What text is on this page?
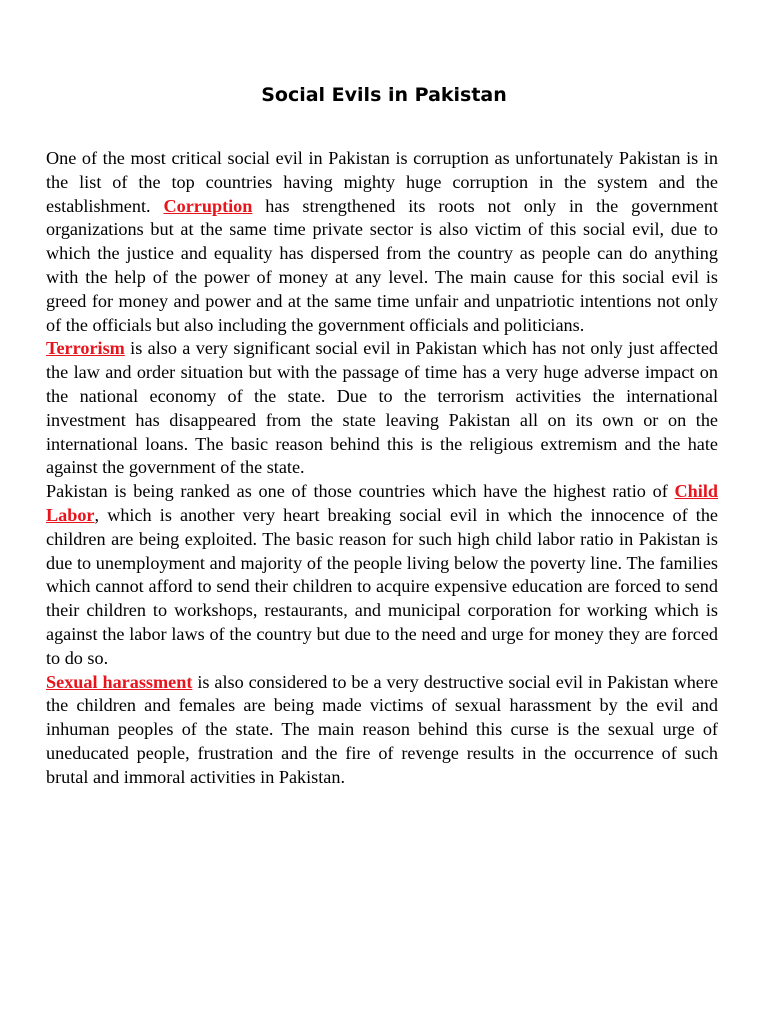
Social Evils in Pakistan

One of the most critical social evil in Pakistan is corruption as unfortunately Pakistan is in the list of the top countries having mighty huge corruption in the system and the establishment. Corruption has strengthened its roots not only in the government organizations but at the same time private sector is also victim of this social evil, due to which the justice and equality has dispersed from the country as people can do anything with the help of the power of money at any level. The main cause for this social evil is greed for money and power and at the same time unfair and unpatriotic intentions not only of the officials but also including the government officials and politicians.

Terrorism is also a very significant social evil in Pakistan which has not only just affected the law and order situation but with the passage of time has a very huge adverse impact on the national economy of the state. Due to the terrorism activities the international investment has disappeared from the state leaving Pakistan all on its own or on the international loans. The basic reason behind this is the religious extremism and the hate against the government of the state.

Pakistan is being ranked as one of those countries which have the highest ratio of Child Labor, which is another very heart breaking social evil in which the innocence of the children are being exploited. The basic reason for such high child labor ratio in Pakistan is due to unemployment and majority of the people living below the poverty line. The families which cannot afford to send their children to acquire expensive education are forced to send their children to workshops, restaurants, and municipal corporation for working which is against the labor laws of the country but due to the need and urge for money they are forced to do so.

Sexual harassment is also considered to be a very destructive social evil in Pakistan where the children and females are being made victims of sexual harassment by the evil and inhuman peoples of the state. The main reason behind this curse is the sexual urge of uneducated people, frustration and the fire of revenge results in the occurrence of such brutal and immoral activities in Pakistan.
